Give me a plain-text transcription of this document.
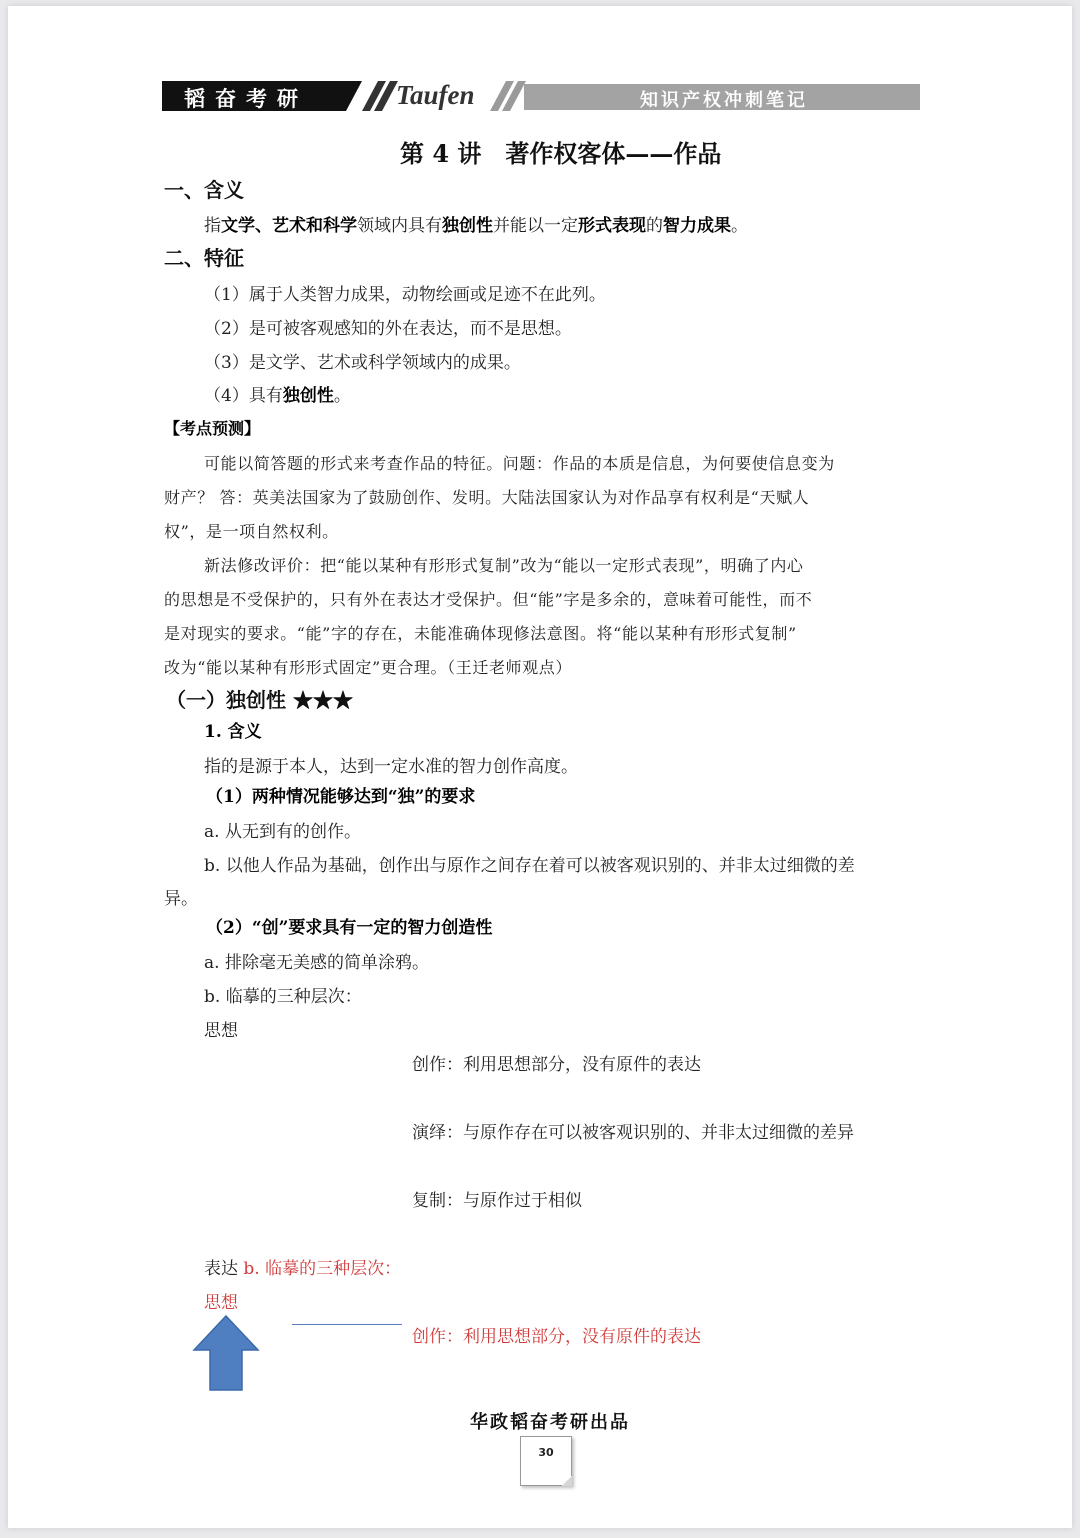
韬奋考研	Taufen	知识产权冲刺笔记
第 4 讲　著作权客体——作品
一、含义
指文学、艺术和科学领域内具有独创性并能以一定形式表现的智力成果。
二、特征
（1）属于人类智力成果，动物绘画或足迹不在此列。
（2）是可被客观感知的外在表达，而不是思想。
（3）是文学、艺术或科学领域内的成果。
（4）具有独创性。
【考点预测】
可能以简答题的形式来考查作品的特征。问题：作品的本质是信息，为何要使信息变为
财产？ 答：英美法国家为了鼓励创作、发明。大陆法国家认为对作品享有权利是“天赋人
权”，是一项自然权利。
新法修改评价：把“能以某种有形形式复制”改为“能以一定形式表现”，明确了内心
的思想是不受保护的，只有外在表达才受保护。但“能”字是多余的，意味着可能性，而不
是对现实的要求。“能”字的存在，未能准确体现修法意图。将“能以某种有形形式复制”
改为“能以某种有形形式固定”更合理。（王迁老师观点）
（一）独创性 ★★★
1. 含义
指的是源于本人，达到一定水准的智力创作高度。
（1）两种情况能够达到“独”的要求
a. 从无到有的创作。
b. 以他人作品为基础，创作出与原作之间存在着可以被客观识别的、并非太过细微的差
异。
（2）“创”要求具有一定的智力创造性
a. 排除毫无美感的简单涂鸦。
b. 临摹的三种层次：
思想
创作：利用思想部分，没有原件的表达
演绎：与原作存在可以被客观识别的、并非太过细微的差异
复制：与原作过于相似
表达 b. 临摹的三种层次：
思想
创作：利用思想部分，没有原件的表达
华政韬奋考研出品
30
